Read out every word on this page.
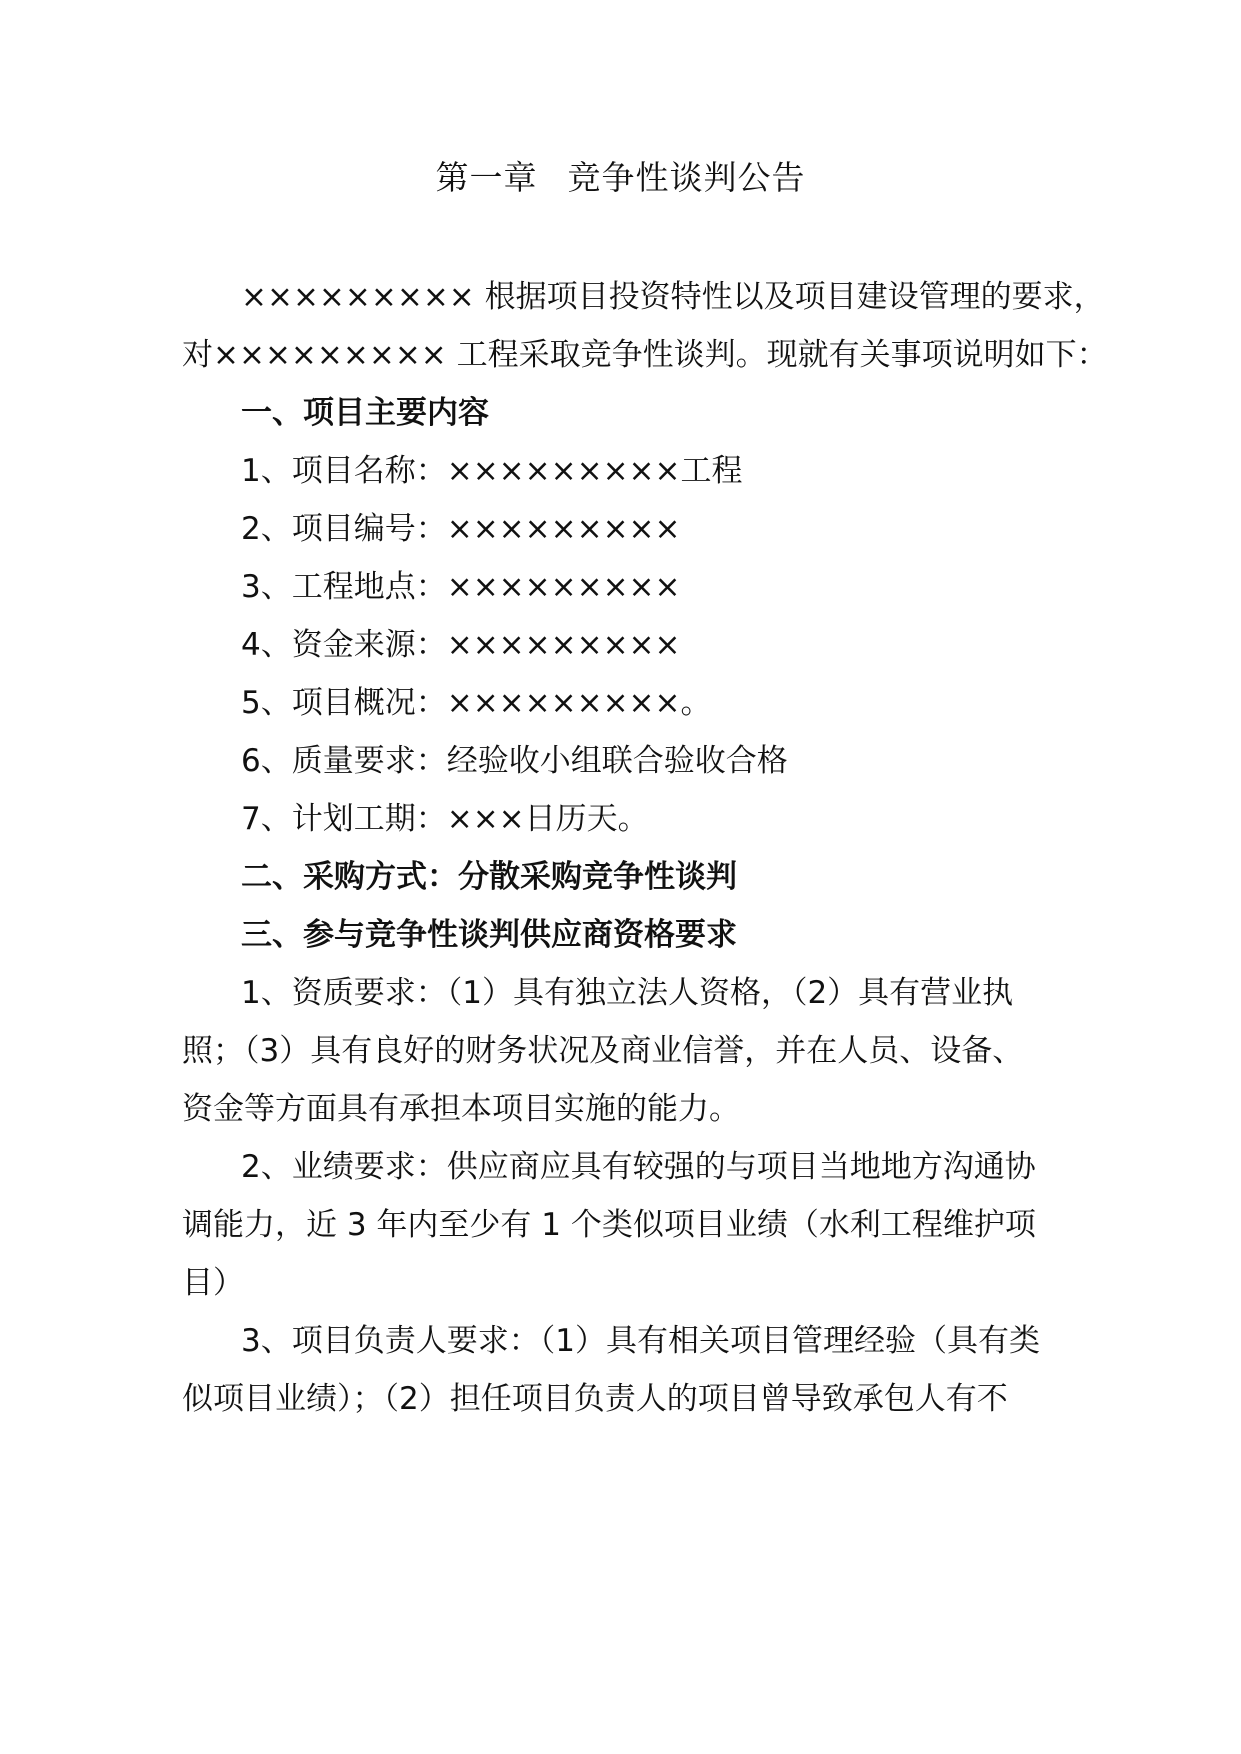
第一章 竞争性谈判公告
××××××××× 根据项目投资特性以及项目建设管理的要求，
对××××××××× 工程采取竞争性谈判。现就有关事项说明如下：
一、项目主要内容
1、项目名称：×××××××××工程
2、项目编号：×××××××××
3、工程地点：×××××××××
4、资金来源：×××××××××
5、项目概况：×××××××××。
6、质量要求：经验收小组联合验收合格
7、计划工期：×××日历天。
二、采购方式：分散采购竞争性谈判
三、参与竞争性谈判供应商资格要求
1、资质要求：（1）具有独立法人资格，（2）具有营业执
照；（3）具有良好的财务状况及商业信誉，并在人员、设备、
资金等方面具有承担本项目实施的能力。
2、业绩要求：供应商应具有较强的与项目当地地方沟通协
调能力，近 3 年内至少有 1 个类似项目业绩（水利工程维护项
目）
3、项目负责人要求：（1）具有相关项目管理经验（具有类
似项目业绩）；（2）担任项目负责人的项目曾导致承包人有不
